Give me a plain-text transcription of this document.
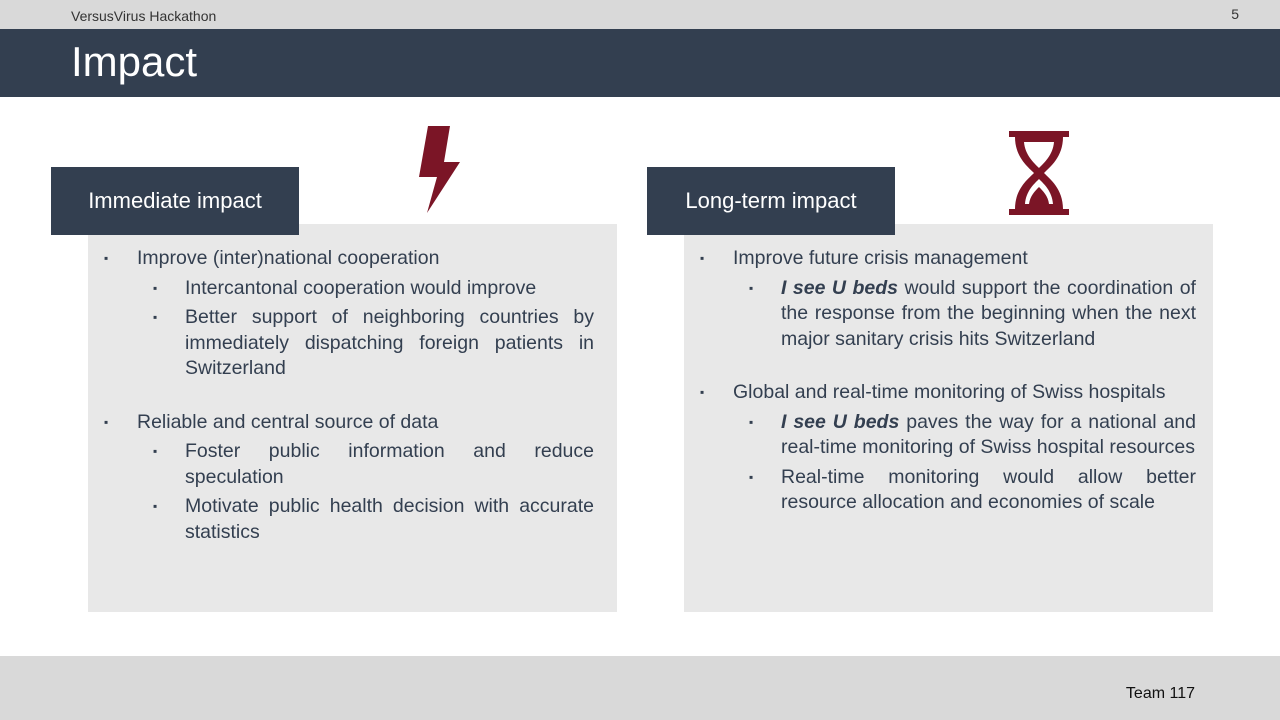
VersusVirus Hackathon	5
Impact
Immediate impact	Long-term impact
▪ Improve (inter)national cooperation
▪ Intercantonal cooperation would improve
▪ Better support of neighboring countries by immediately dispatching foreign patients in Switzerland
▪ Reliable and central source of data
▪ Foster public information and reduce speculation
▪ Motivate public health decision with accurate statistics
▪ Improve future crisis management
▪ I see U beds would support the coordination of the response from the beginning when the next major sanitary crisis hits Switzerland
▪ Global and real-time monitoring of Swiss hospitals
▪ I see U beds paves the way for a national and real-time monitoring of Swiss hospital resources
▪ Real-time monitoring would allow better resource allocation and economies of scale
Team 117
